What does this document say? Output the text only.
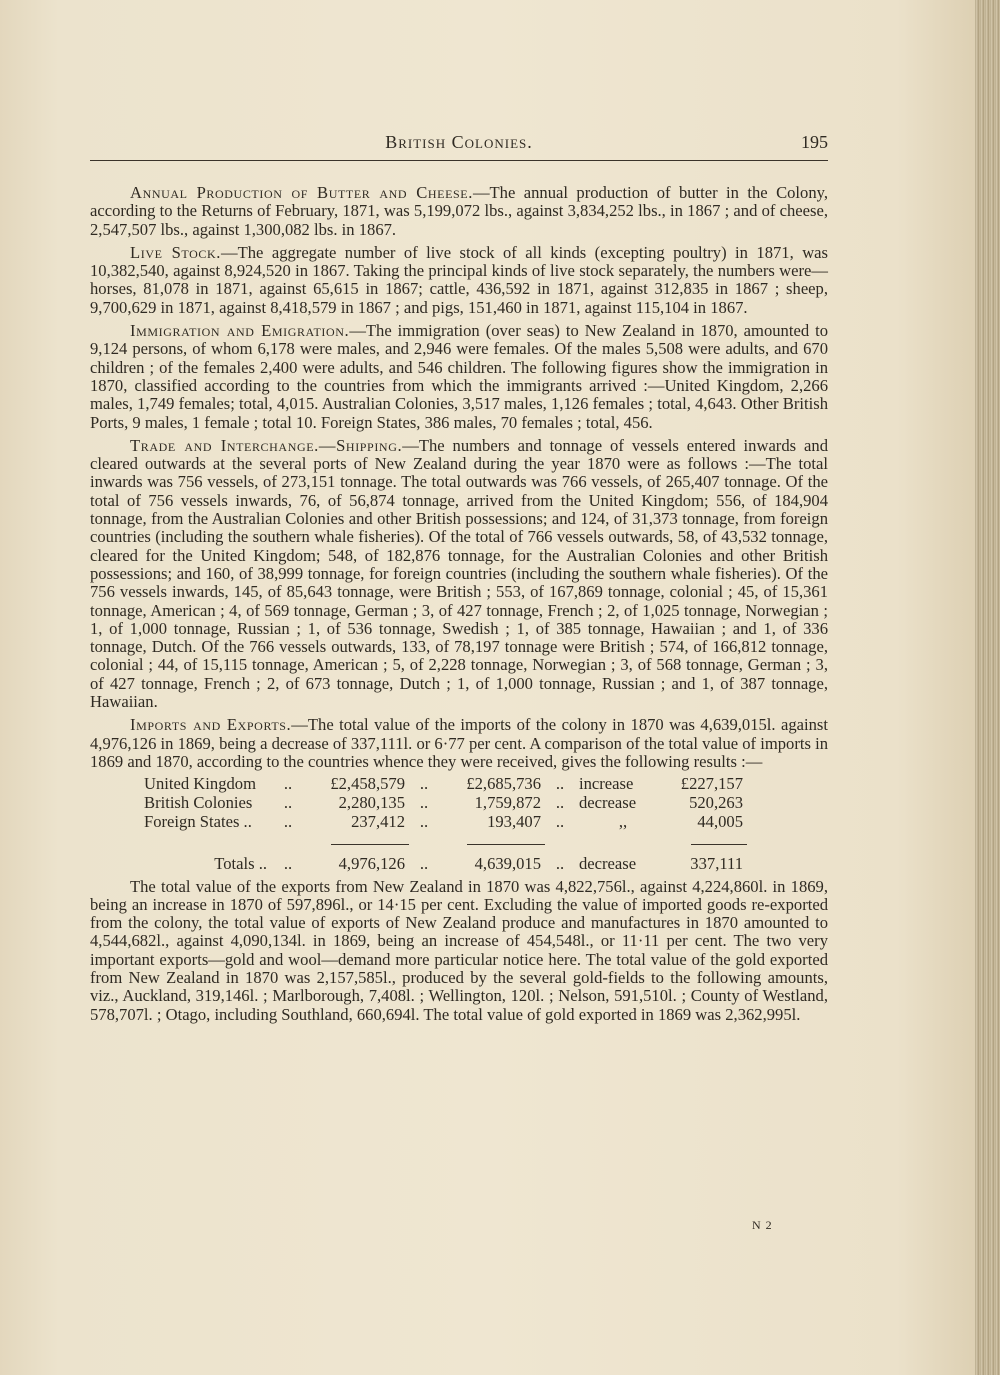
British Colonies.	195

Annual Production of Butter and Cheese.—The annual production of butter in the Colony, according to the Returns of February, 1871, was 5,199,072 lbs., against 3,834,252 lbs., in 1867 ; and of cheese, 2,547,507 lbs., against 1,300,082 lbs. in 1867.

Live Stock.—The aggregate number of live stock of all kinds (excepting poultry) in 1871, was 10,382,540, against 8,924,520 in 1867. Taking the principal kinds of live stock separately, the numbers were—horses, 81,078 in 1871, against 65,615 in 1867; cattle, 436,592 in 1871, against 312,835 in 1867 ; sheep, 9,700,629 in 1871, against 8,418,579 in 1867 ; and pigs, 151,460 in 1871, against 115,104 in 1867.

Immigration and Emigration.—The immigration (over seas) to New Zealand in 1870, amounted to 9,124 persons, of whom 6,178 were males, and 2,946 were females. Of the males 5,508 were adults, and 670 children ; of the females 2,400 were adults, and 546 children. The following figures show the immigration in 1870, classified according to the countries from which the immigrants arrived :—United Kingdom, 2,266 males, 1,749 females; total, 4,015. Australian Colonies, 3,517 males, 1,126 females ; total, 4,643. Other British Ports, 9 males, 1 female ; total 10. Foreign States, 386 males, 70 females ; total, 456.

Trade and Interchange.—Shipping.—The numbers and tonnage of vessels entered inwards and cleared outwards at the several ports of New Zealand during the year 1870 were as follows :—The total inwards was 756 vessels, of 273,151 tonnage. The total outwards was 766 vessels, of 265,407 tonnage. Of the total of 756 vessels inwards, 76, of 56,874 tonnage, arrived from the United Kingdom; 556, of 184,904 tonnage, from the Australian Colonies and other British possessions; and 124, of 31,373 tonnage, from foreign countries (including the southern whale fisheries). Of the total of 766 vessels outwards, 58, of 43,532 tonnage, cleared for the United Kingdom; 548, of 182,876 tonnage, for the Australian Colonies and other British possessions; and 160, of 38,999 tonnage, for foreign countries (including the southern whale fisheries). Of the 756 vessels inwards, 145, of 85,643 tonnage, were British ; 553, of 167,869 tonnage, colonial ; 45, of 15,361 tonnage, American ; 4, of 569 tonnage, German ; 3, of 427 tonnage, French ; 2, of 1,025 tonnage, Norwegian ; 1, of 1,000 tonnage, Russian ; 1, of 536 tonnage, Swedish ; 1, of 385 tonnage, Hawaiian ; and 1, of 336 tonnage, Dutch. Of the 766 vessels outwards, 133, of 78,197 tonnage were British ; 574, of 166,812 tonnage, colonial ; 44, of 15,115 tonnage, American ; 5, of 2,228 tonnage, Norwegian ; 3, of 568 tonnage, German ; 3, of 427 tonnage, French ; 2, of 673 tonnage, Dutch ; 1, of 1,000 tonnage, Russian ; and 1, of 387 tonnage, Hawaiian.

Imports and Exports.—The total value of the imports of the colony in 1870 was 4,639,015l. against 4,976,126 in 1869, being a decrease of 337,111l. or 6·77 per cent. A comparison of the total value of imports in 1869 and 1870, according to the countries whence they were received, gives the following results :—

United Kingdom	..	£2,458,579	..	£2,685,736	..	increase	£227,157
British Colonies	..	2,280,135	..	1,759,872	..	decrease	520,263
Foreign States ..	..	237,412	..	193,407	..	,,	44,005

Totals ..	..	4,976,126	..	4,639,015	..	decrease	337,111

The total value of the exports from New Zealand in 1870 was 4,822,756l., against 4,224,860l. in 1869, being an increase in 1870 of 597,896l., or 14·15 per cent. Excluding the value of imported goods re-exported from the colony, the total value of exports of New Zealand produce and manufactures in 1870 amounted to 4,544,682l., against 4,090,134l. in 1869, being an increase of 454,548l., or 11·11 per cent. The two very important exports—gold and wool—demand more particular notice here. The total value of the gold exported from New Zealand in 1870 was 2,157,585l., produced by the several gold-fields to the following amounts, viz., Auckland, 319,146l. ; Marlborough, 7,408l. ; Wellington, 120l. ; Nelson, 591,510l. ; County of Westland, 578,707l. ; Otago, including Southland, 660,694l. The total value of gold exported in 1869 was 2,362,995l.

N 2
